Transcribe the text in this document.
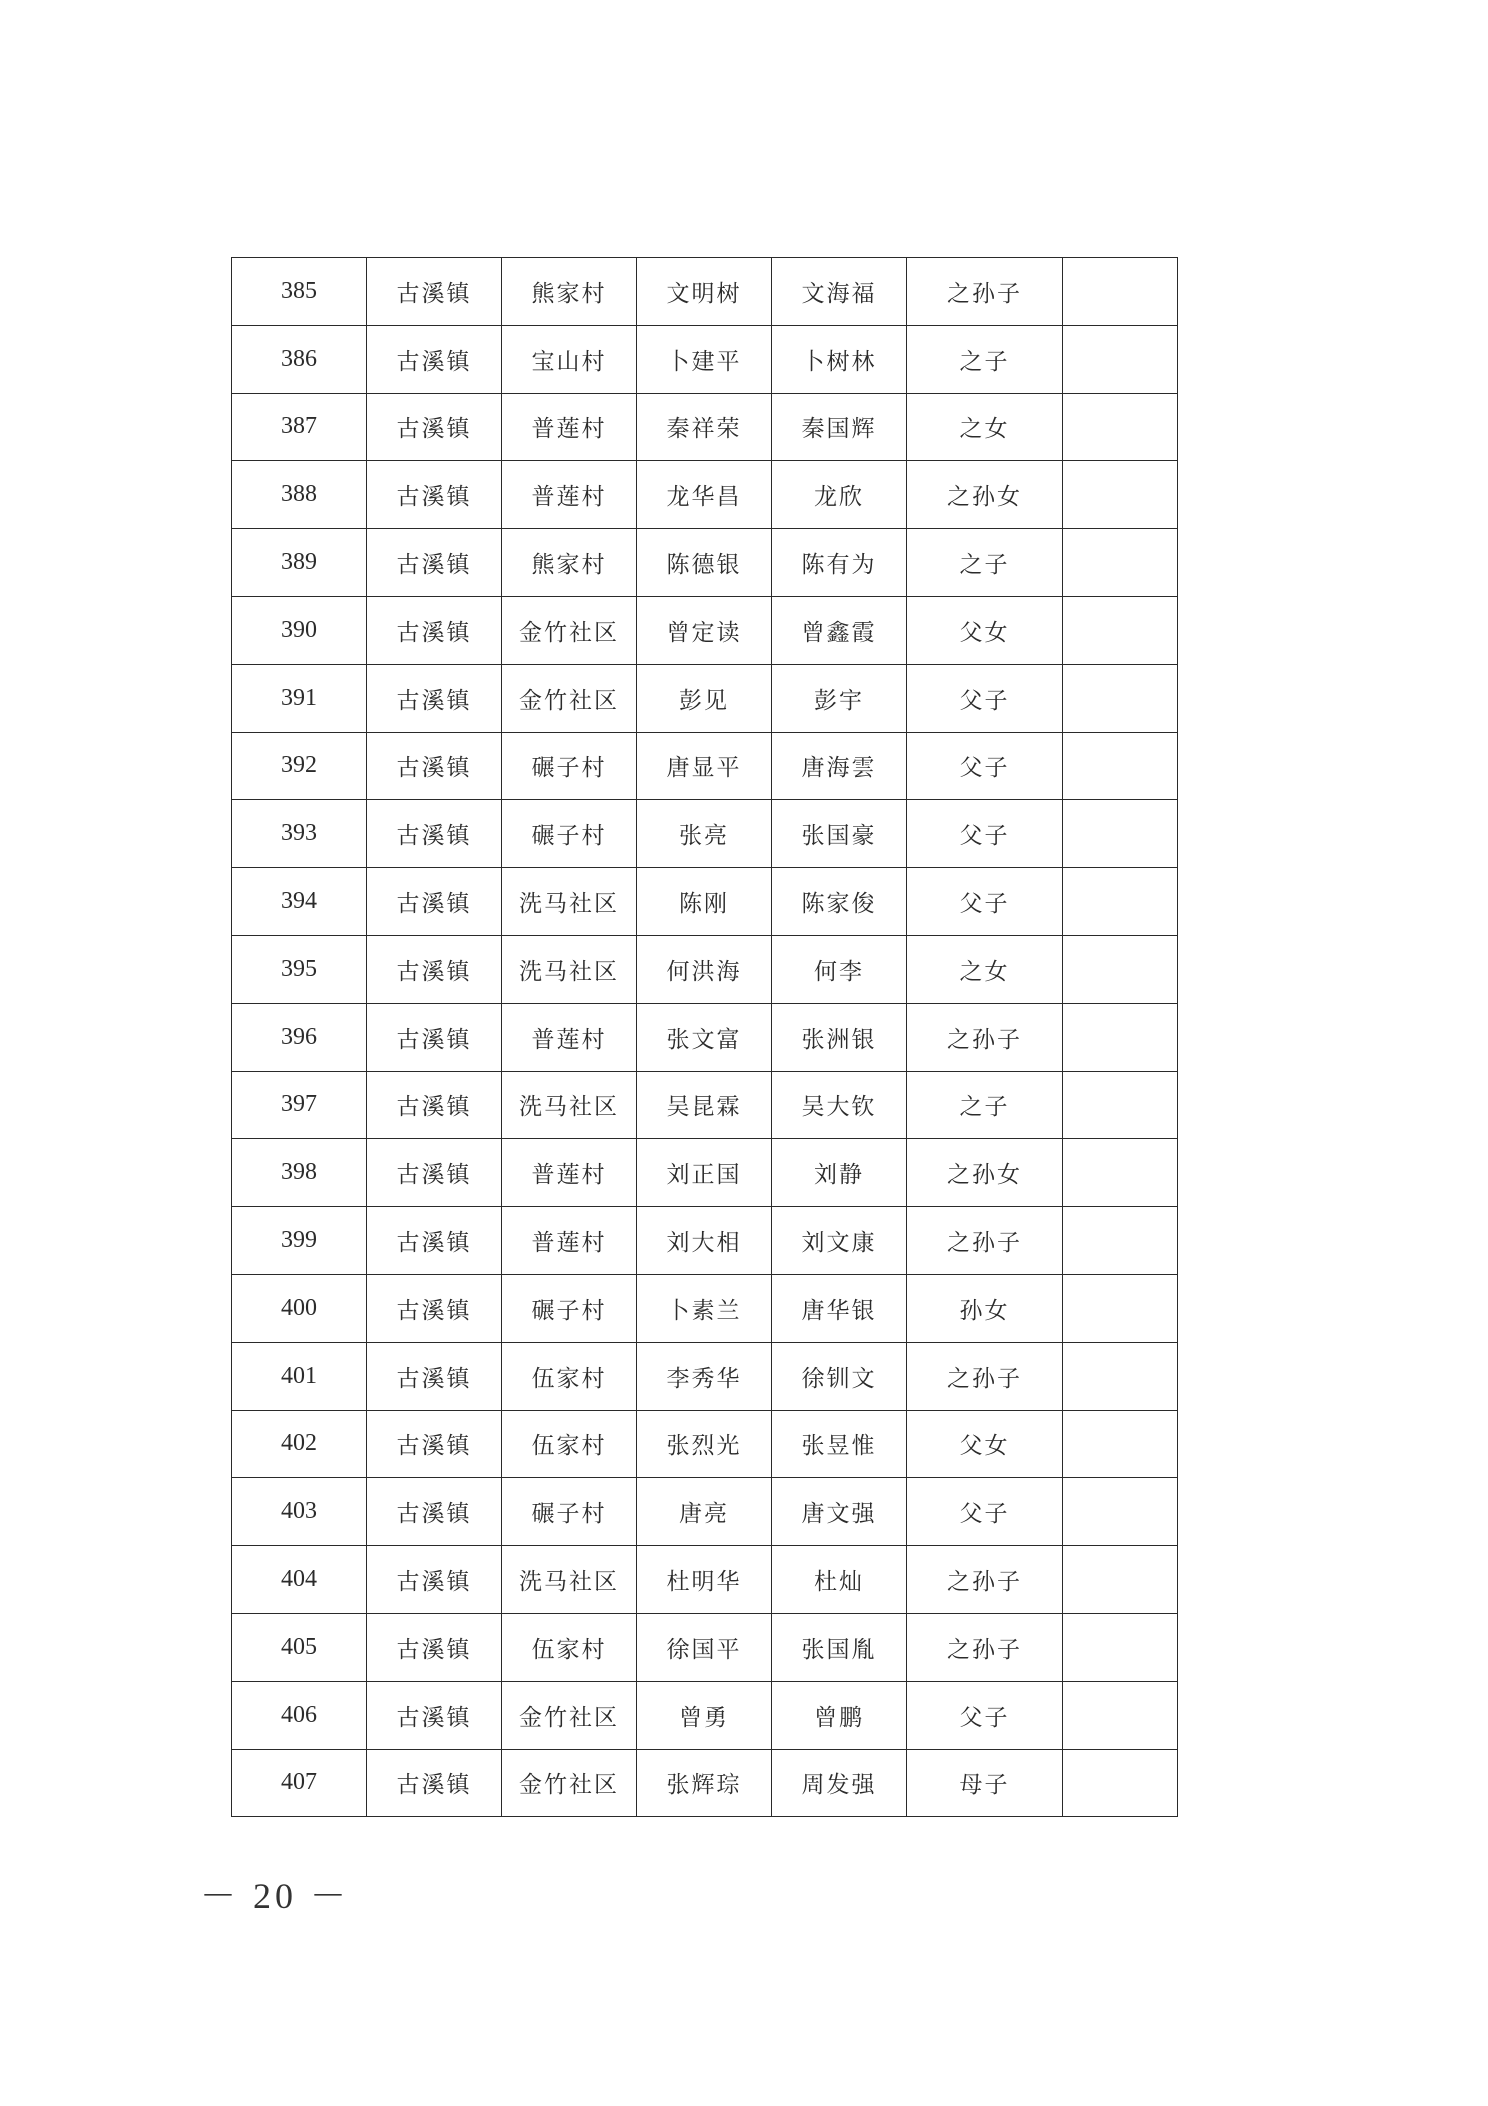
385	古溪镇	熊家村	文明树	文海福	之孙子	
386	古溪镇	宝山村	卜建平	卜树林	之子	
387	古溪镇	普莲村	秦祥荣	秦国辉	之女	
388	古溪镇	普莲村	龙华昌	龙欣	之孙女	
389	古溪镇	熊家村	陈德银	陈有为	之子	
390	古溪镇	金竹社区	曾定读	曾鑫霞	父女	
391	古溪镇	金竹社区	彭见	彭宇	父子	
392	古溪镇	碾子村	唐显平	唐海雲	父子	
393	古溪镇	碾子村	张亮	张国豪	父子	
394	古溪镇	洗马社区	陈刚	陈家俊	父子	
395	古溪镇	洗马社区	何洪海	何李	之女	
396	古溪镇	普莲村	张文富	张洲银	之孙子	
397	古溪镇	洗马社区	吴昆霖	吴大钦	之子	
398	古溪镇	普莲村	刘正国	刘静	之孙女	
399	古溪镇	普莲村	刘大相	刘文康	之孙子	
400	古溪镇	碾子村	卜素兰	唐华银	孙女	
401	古溪镇	伍家村	李秀华	徐钏文	之孙子	
402	古溪镇	伍家村	张烈光	张昱惟	父女	
403	古溪镇	碾子村	唐亮	唐文强	父子	
404	古溪镇	洗马社区	杜明华	杜灿	之孙子	
405	古溪镇	伍家村	徐国平	张国胤	之孙子	
406	古溪镇	金竹社区	曾勇	曾鹏	父子	
407	古溪镇	金竹社区	张辉琮	周发强	母子	
－ 20 －
